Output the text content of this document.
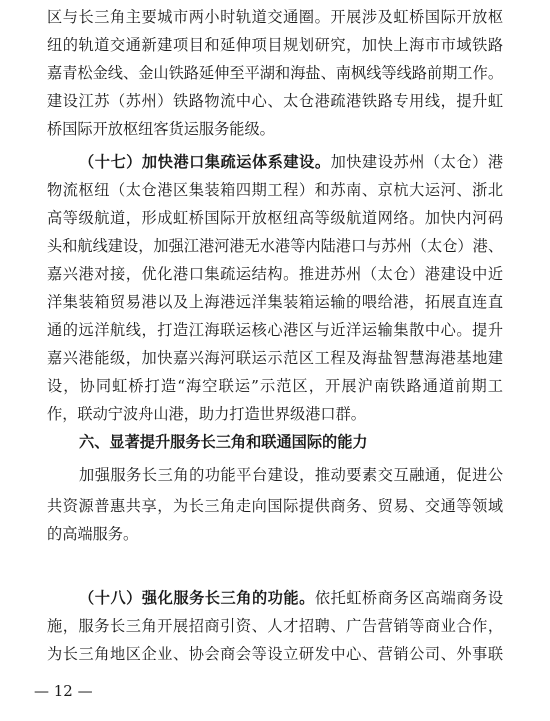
区与长三角主要城市两小时轨道交通圈。开展涉及虹桥国际开放枢
纽的轨道交通新建项目和延伸项目规划研究，加快上海市市域铁路
嘉青松金线、金山铁路延伸至平湖和海盐、南枫线等线路前期工作。
建设江苏（苏州）铁路物流中心、太仓港疏港铁路专用线，提升虹
桥国际开放枢纽客货运服务能级。
（十七）加快港口集疏运体系建设。加快建设苏州（太仓）港
物流枢纽（太仓港区集装箱四期工程）和苏南、京杭大运河、浙北
高等级航道，形成虹桥国际开放枢纽高等级航道网络。加快内河码
头和航线建设，加强江港河港无水港等内陆港口与苏州（太仓）港、
嘉兴港对接，优化港口集疏运结构。推进苏州（太仓）港建设中近
洋集装箱贸易港以及上海港远洋集装箱运输的喂给港，拓展直连直
通的远洋航线，打造江海联运核心港区与近洋运输集散中心。提升
嘉兴港能级，加快嘉兴海河联运示范区工程及海盐智慧海港基地建
设，协同虹桥打造“海空联运”示范区，开展沪南铁路通道前期工
作，联动宁波舟山港，助力打造世界级港口群。
六、显著提升服务长三角和联通国际的能力
加强服务长三角的功能平台建设，推动要素交互融通，促进公
共资源普惠共享，为长三角走向国际提供商务、贸易、交通等领域
的高端服务。
（十八）强化服务长三角的功能。依托虹桥商务区高端商务设
施，服务长三角开展招商引资、人才招聘、广告营销等商业合作，
为长三角地区企业、协会商会等设立研发中心、营销公司、外事联
— 12 —
